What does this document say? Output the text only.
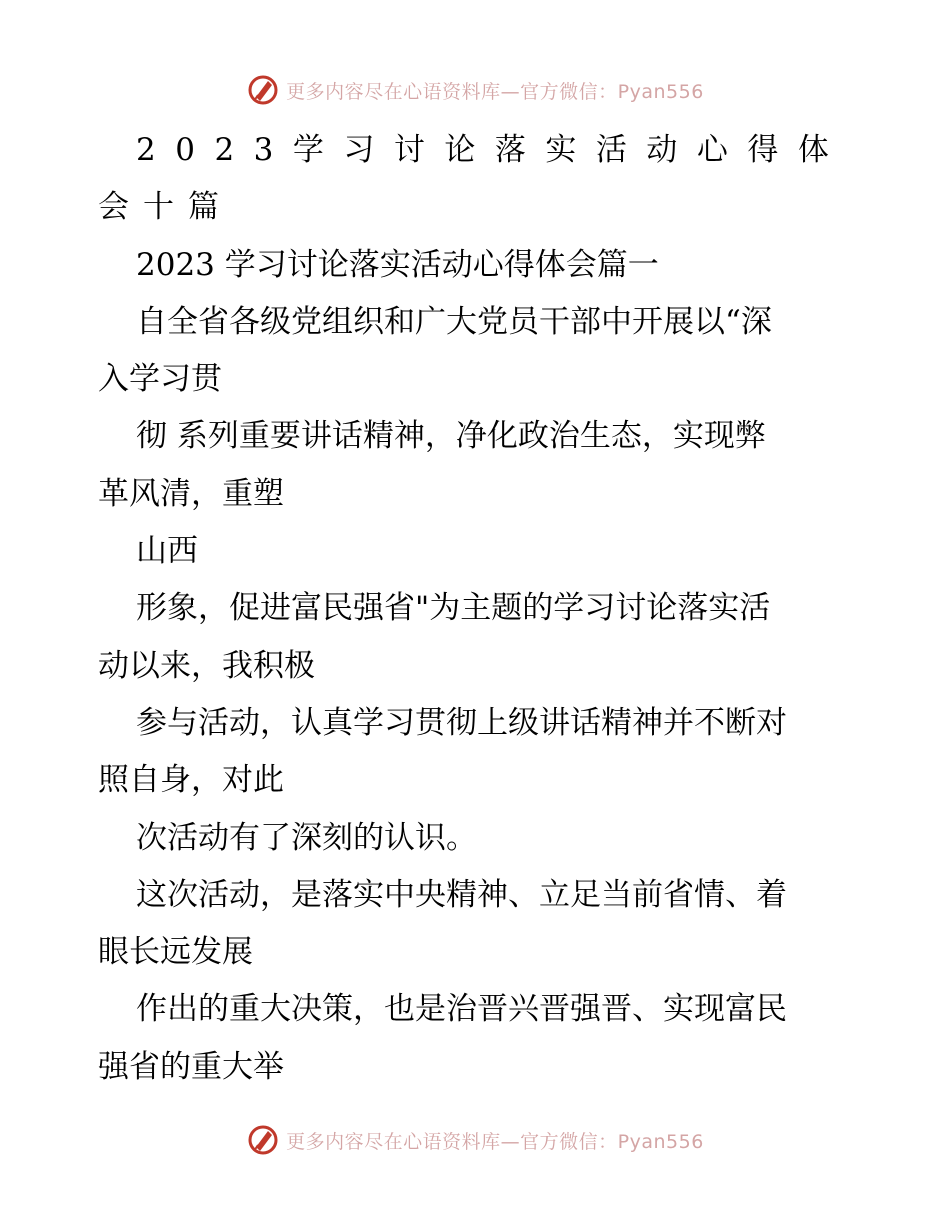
更多内容尽在心语资料库—官方微信：Pyan556
2023学习讨论落实活动心得体
会十篇
2023 学习讨论落实活动心得体会篇一
自全省各级党组织和广大党员干部中开展以“深
入学习贯
彻 系列重要讲话精神，净化政治生态，实现弊
革风清，重塑
山西
形象，促进富民强省"为主题的学习讨论落实活
动以来，我积极
参与活动，认真学习贯彻上级讲话精神并不断对
照自身，对此
次活动有了深刻的认识。
这次活动，是落实中央精神、立足当前省情、着
眼长远发展
作出的重大决策，也是治晋兴晋强晋、实现富民
强省的重大举
更多内容尽在心语资料库—官方微信：Pyan556
